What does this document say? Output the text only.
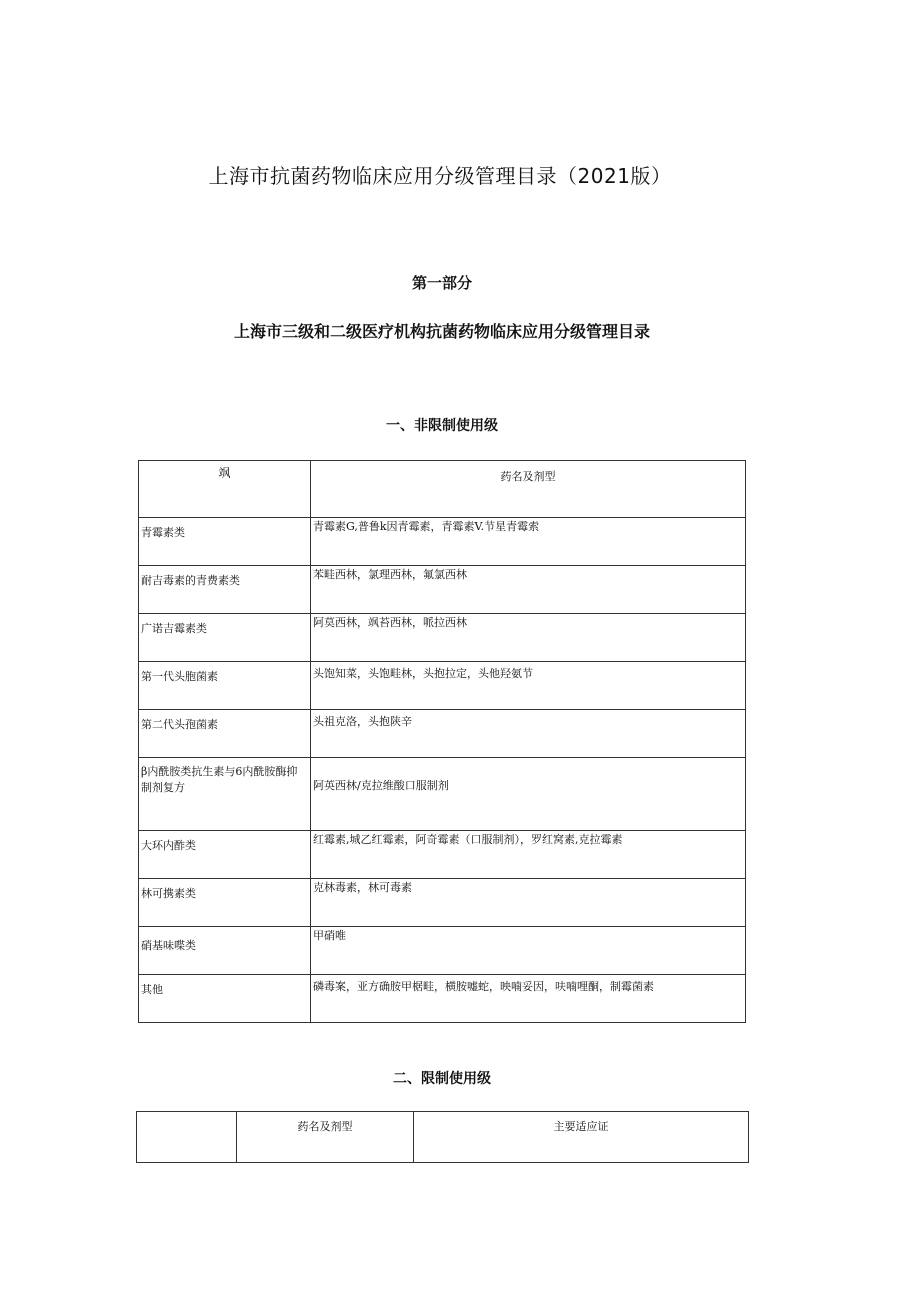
上海市抗菌药物临床应用分级管理目录（2021版）
第一部分
上海市三级和二级医疗机构抗菌药物临床应用分级管理目录
一、非限制使用级
飒	药名及剂型
青霉素类	青霉素G,普鲁k因青霉素，青霉素V.节星青霉索
耐吉毒素的青费素类	苯畦西林，氯理西林，氟氯西林
广诺吉霉素类	阿莫西林，飒苔西林，哌拉西林
第一代头胞菌素	头饱知菜，头饱畦林，头抱拉定，头他羟氨节
第二代头孢菌素	头祖克洛，头抱陕辛
β内酰胺类抗生素与6内酰胺酶抑制剂复方	阿英西林/克拉维酸口服制剂
大环内酢类	红霉素,城乙红霉素，阿奇霉素（口服制剂），罗红窝素,克拉霉素
林可携素类	克林毒素，林可毒素
硝基味喋类	甲硝唯
其他	磷毒案，亚方确胺甲椐畦，横胺嘘蛇，映喃妥因，呋喃哩酮，制霉菌素
二、限制使用级
	药名及剂型	主要适应证
